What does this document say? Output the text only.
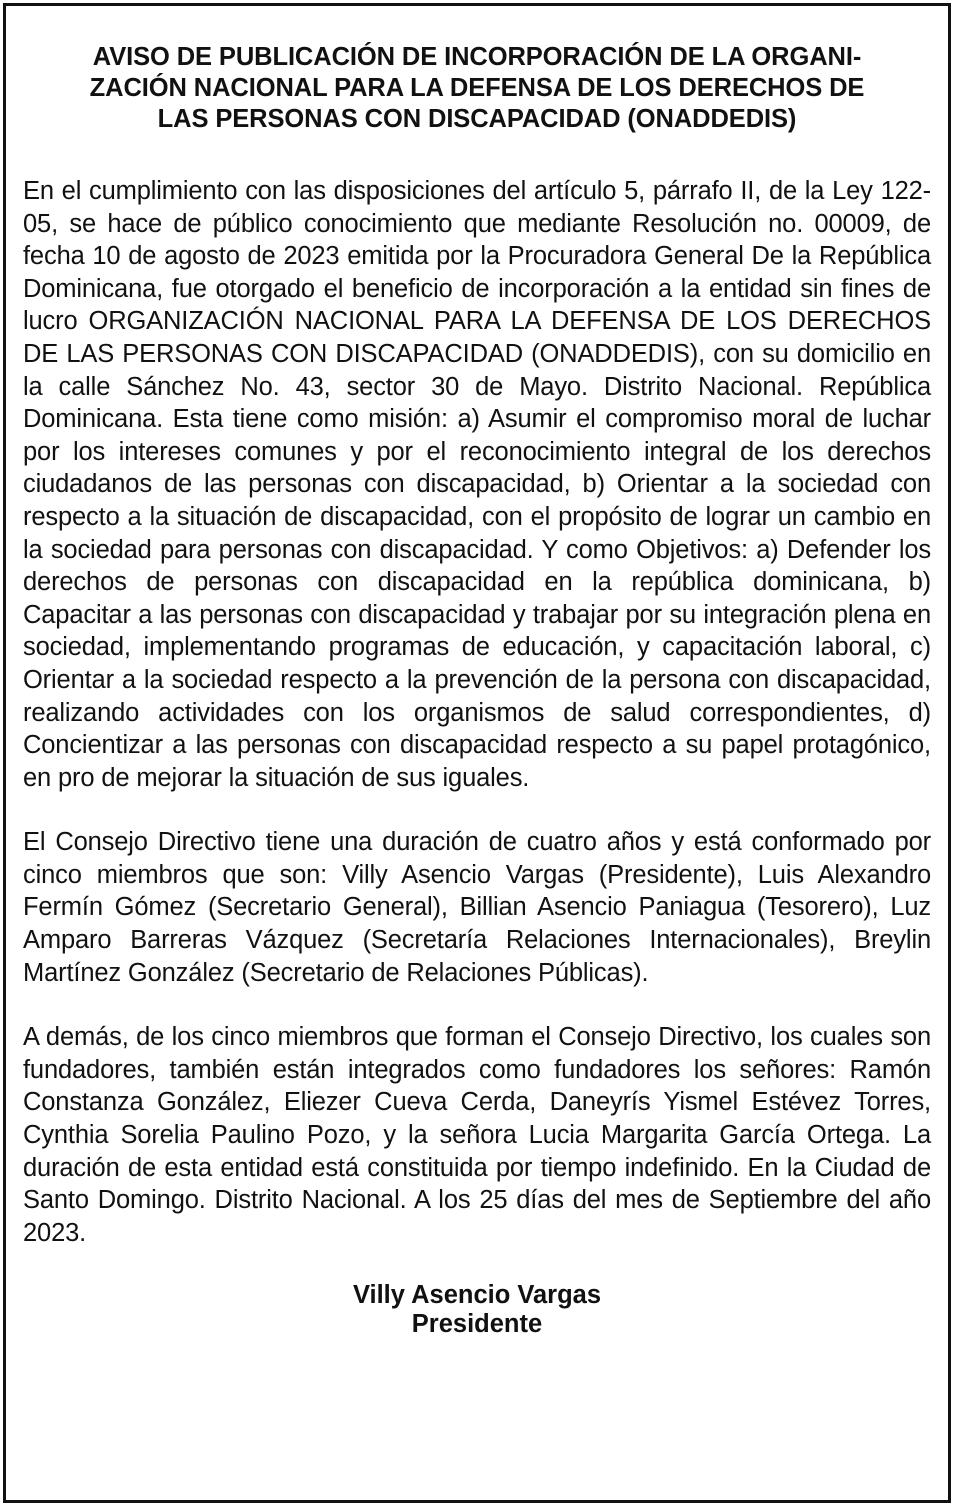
AVISO DE PUBLICACIÓN DE INCORPORACIÓN DE LA ORGANI-
ZACIÓN NACIONAL PARA LA DEFENSA DE LOS DERECHOS DE
LAS PERSONAS CON DISCAPACIDAD (ONADDEDIS)

En el cumplimiento con las disposiciones del artículo 5, párrafo II, de la Ley 122-05, se hace de público conocimiento que mediante Resolución no. 00009, de fecha 10 de agosto de 2023 emitida por la Procuradora General De la República Dominicana, fue otorgado el beneficio de incorporación a la entidad sin fines de lucro ORGANIZACIÓN NACIONAL PARA LA DEFENSA DE LOS DERECHOS DE LAS PERSONAS CON DISCAPACIDAD (ONADDEDIS), con su domicilio en la calle Sánchez No. 43, sector 30 de Mayo. Distrito Nacional. República Dominicana. Esta tiene como misión: a) Asumir el compromiso moral de luchar por los intereses comunes y por el reconocimiento integral de los derechos ciudadanos de las personas con discapacidad, b) Orientar a la sociedad con respecto a la situación de discapacidad, con el propósito de lograr un cambio en la sociedad para personas con discapacidad. Y como Objetivos: a) Defender los derechos de personas con discapacidad en la república dominicana, b) Capacitar a las personas con discapacidad y trabajar por su integración plena en sociedad, implementando programas de educación, y capacitación laboral, c) Orientar a la sociedad respecto a la prevención de la persona con discapacidad, realizando actividades con los organismos de salud correspondientes, d) Concientizar a las personas con discapacidad respecto a su papel protagónico, en pro de mejorar la situación de sus iguales.

El Consejo Directivo tiene una duración de cuatro años y está conformado por cinco miembros que son: Villy Asencio Vargas (Presidente), Luis Alexandro Fermín Gómez (Secretario General), Billian Asencio Paniagua (Tesorero), Luz Amparo Barreras Vázquez (Secretaría Relaciones Internacionales), Breylin Martínez González (Secretario de Relaciones Públicas).

A demás, de los cinco miembros que forman el Consejo Directivo, los cuales son fundadores, también están integrados como fundadores los señores: Ramón Constanza González, Eliezer Cueva Cerda, Daneyrís Yismel Estévez Torres, Cynthia Sorelia Paulino Pozo, y la señora Lucia Margarita García Ortega. La duración de esta entidad está constituida por tiempo indefinido. En la Ciudad de Santo Domingo. Distrito Nacional. A los 25 días del mes de Septiembre del año 2023.

Villy Asencio Vargas
Presidente
